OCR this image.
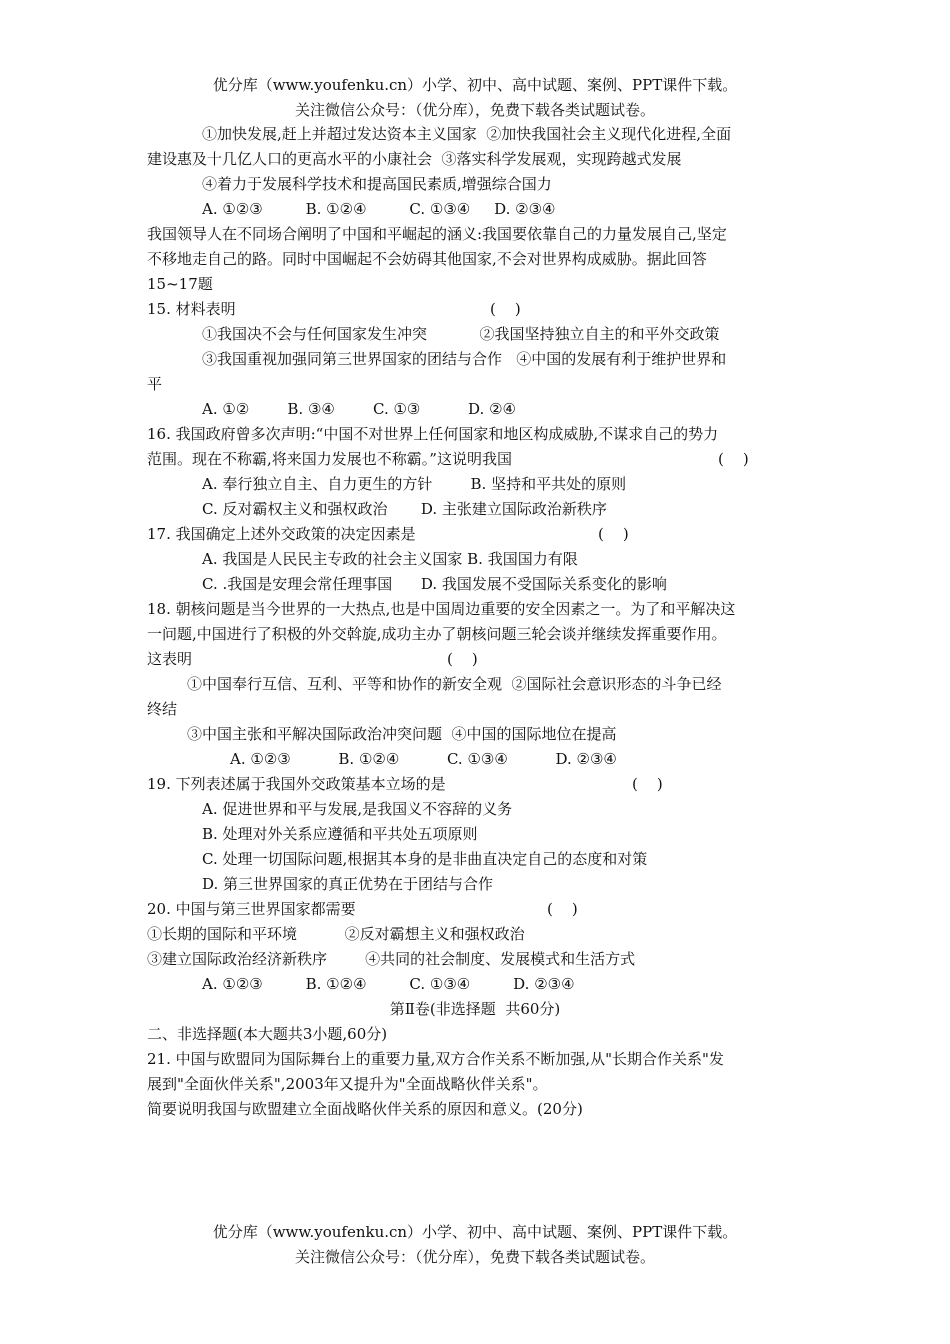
优分库（www.youfenku.cn）小学、初中、高中试题、案例、PPT课件下载。
关注微信公众号：（优分库），免费下载各类试题试卷。
①加快发展,赶上并超过发达资本主义国家  ②加快我国社会主义现代化进程,全面
建设惠及十几亿人口的更高水平的小康社会  ③落实科学发展观，实现跨越式发展
④着力于发展科学技术和提高国民素质,增强综合国力
A. ①②③         B. ①②④         C. ①③④     D. ②③④
我国领导人在不同场合阐明了中国和平崛起的涵义:我国要依靠自己的力量发展自己,坚定
不移地走自己的路。同时中国崛起不会妨碍其他国家,不会对世界构成威胁。据此回答
15~17题
15. 材料表明	(    )
①我国决不会与任何国家发生冲突           ②我国坚持独立自主的和平外交政策
③我国重视加强同第三世界国家的团结与合作   ④中国的发展有利于维护世界和
平
A. ①②        B. ③④        C. ①③          D. ②④
16. 我国政府曾多次声明:“中国不对世界上任何国家和地区构成威胁,不谋求自己的势力
范围。现在不称霸,将来国力发展也不称霸。”这说明我国	(    )
A. 奉行独立自主、自力更生的方针        B. 坚持和平共处的原则
C. 反对霸权主义和强权政治       D. 主张建立国际政治新秩序
17. 我国确定上述外交政策的决定因素是	(    )
A. 我国是人民民主专政的社会主义国家 B. 我国国力有限
C. .我国是安理会常任理事国      D. 我国发展不受国际关系变化的影响
18. 朝核问题是当今世界的一大热点,也是中国周边重要的安全因素之一。为了和平解决这
一问题,中国进行了积极的外交斡旋,成功主办了朝核问题三轮会谈并继续发挥重要作用。
这表明	(    )
①中国奉行互信、互利、平等和协作的新安全观  ②国际社会意识形态的斗争已经
终结
③中国主张和平解决国际政治冲突问题  ④中国的国际地位在提高
A. ①②③          B. ①②④          C. ①③④          D. ②③④
19. 下列表述属于我国外交政策基本立场的是	(    )
A. 促进世界和平与发展,是我国义不容辞的义务
B. 处理对外关系应遵循和平共处五项原则
C. 处理一切国际问题,根据其本身的是非曲直决定自己的态度和对策
D. 第三世界国家的真正优势在于团结与合作
20. 中国与第三世界国家都需要	(    )
①长期的国际和平环境          ②反对霸想主义和强权政治
③建立国际政治经济新秩序        ④共同的社会制度、发展模式和生活方式
A. ①②③         B. ①②④         C. ①③④         D. ②③④
第Ⅱ卷(非选择题  共60分)
二、非选择题(本大题共3小题,60分)
21. 中国与欧盟同为国际舞台上的重要力量,双方合作关系不断加强,从"长期合作关系"发
展到"全面伙伴关系",2003年又提升为"全面战略伙伴关系"。
简要说明我国与欧盟建立全面战略伙伴关系的原因和意义。(20分)
优分库（www.youfenku.cn）小学、初中、高中试题、案例、PPT课件下载。
关注微信公众号：（优分库），免费下载各类试题试卷。
